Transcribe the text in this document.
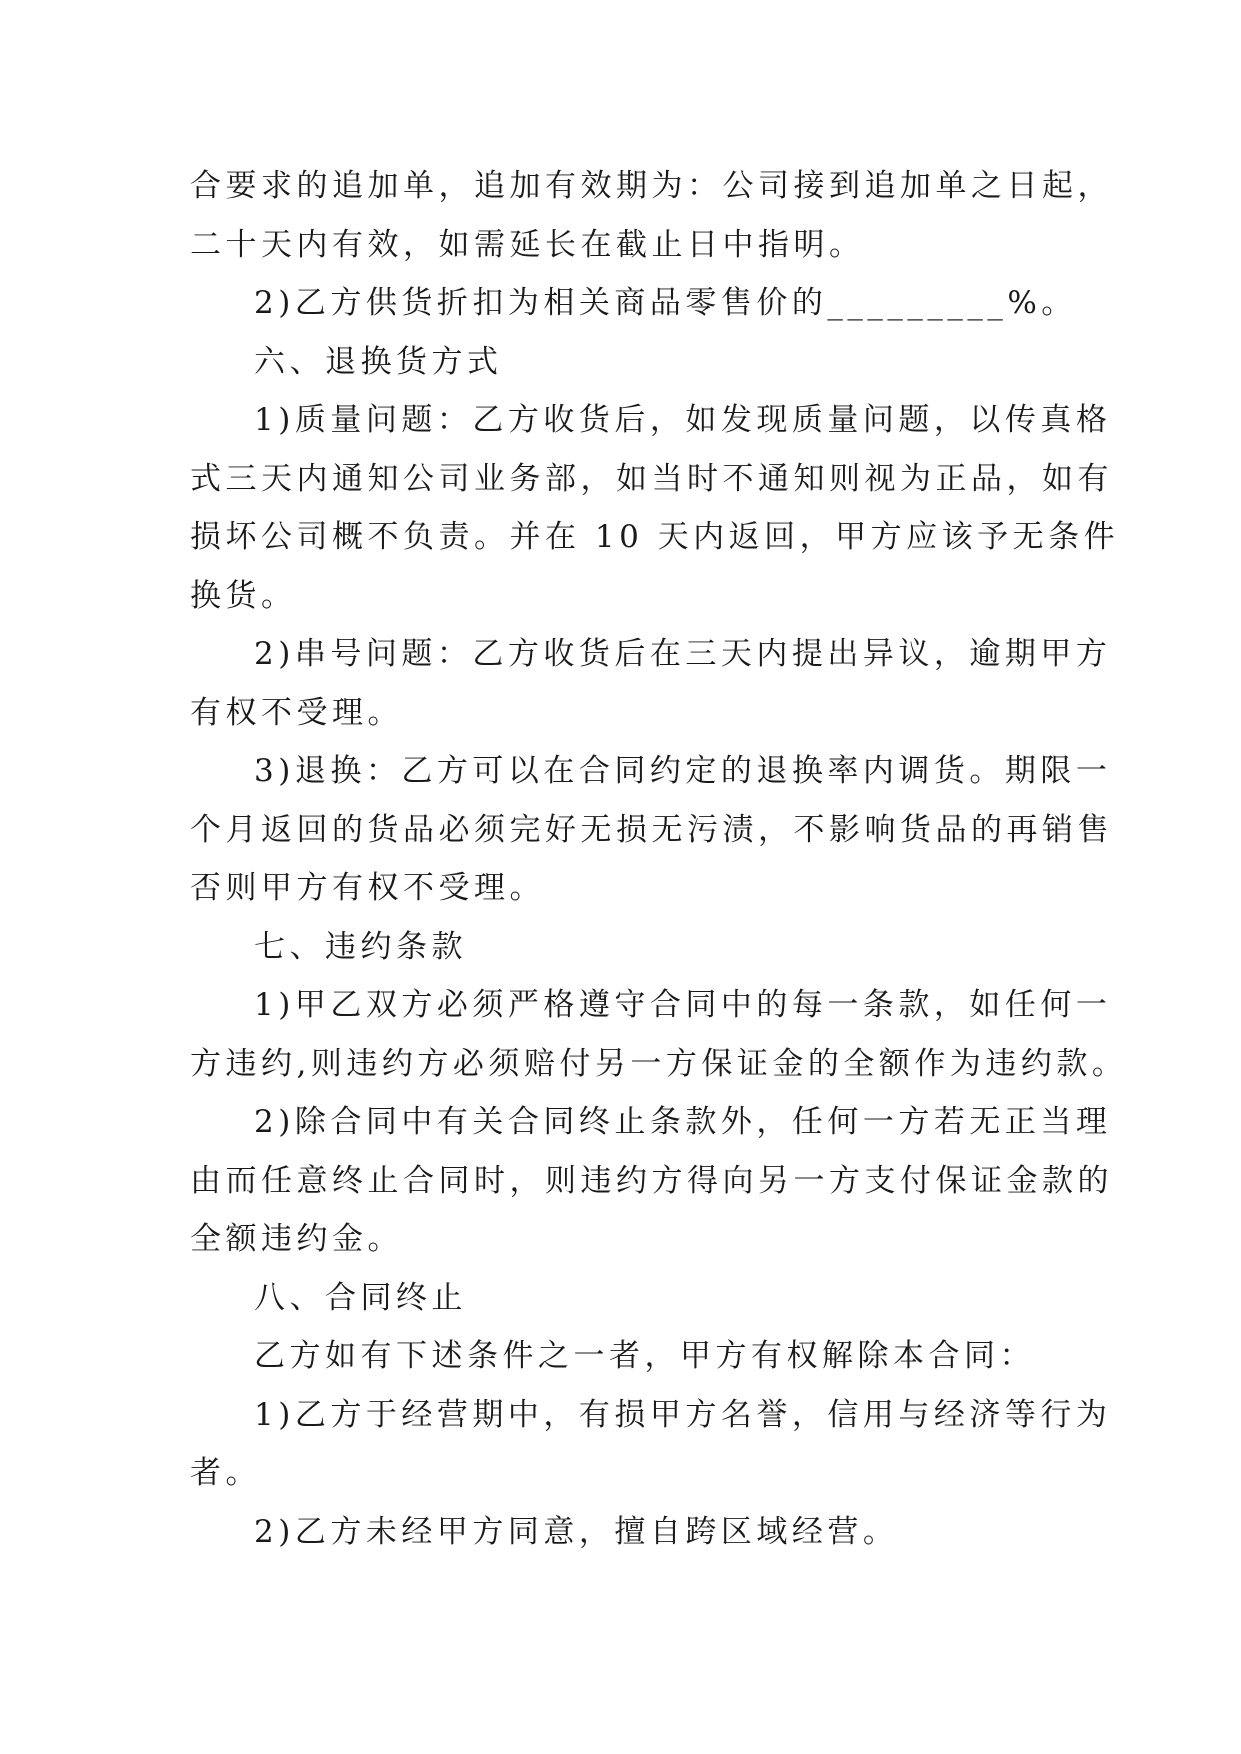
合要求的追加单，追加有效期为：公司接到追加单之日起，
二十天内有效，如需延长在截止日中指明。
2)乙方供货折扣为相关商品零售价的_________%。
六、退换货方式
1)质量问题：乙方收货后，如发现质量问题，以传真格
式三天内通知公司业务部，如当时不通知则视为正品，如有
损坏公司概不负责。并在 10 天内返回，甲方应该予无条件
换货。
2)串号问题：乙方收货后在三天内提出异议，逾期甲方
有权不受理。
3)退换：乙方可以在合同约定的退换率内调货。期限一
个月返回的货品必须完好无损无污渍，不影响货品的再销售
否则甲方有权不受理。
七、违约条款
1)甲乙双方必须严格遵守合同中的每一条款，如任何一
方违约,则违约方必须赔付另一方保证金的全额作为违约款。
2)除合同中有关合同终止条款外，任何一方若无正当理
由而任意终止合同时，则违约方得向另一方支付保证金款的
全额违约金。
八、合同终止
乙方如有下述条件之一者，甲方有权解除本合同：
1)乙方于经营期中，有损甲方名誉，信用与经济等行为
者。
2)乙方未经甲方同意，擅自跨区域经营。
